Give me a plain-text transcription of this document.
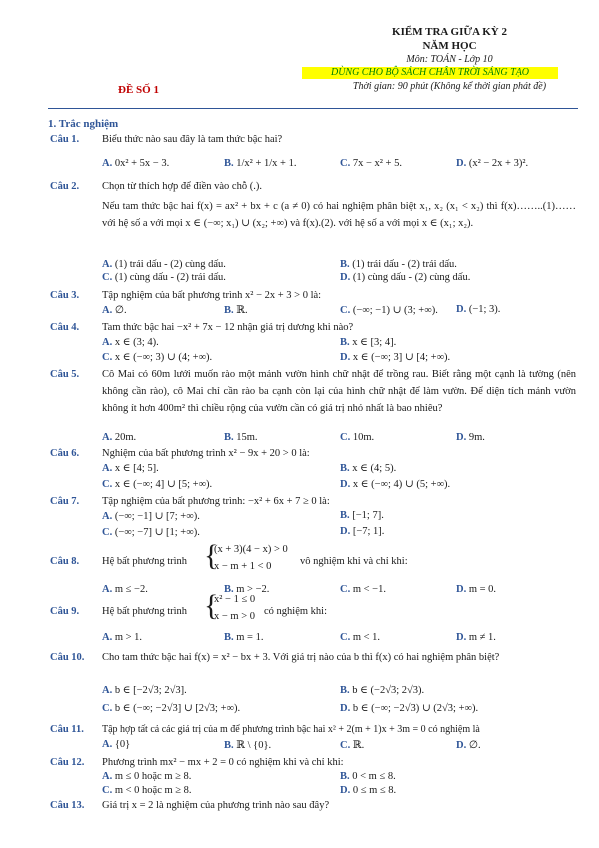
KIỂM TRA GIỮA KỲ 2
NĂM HỌC
Môn: TOÁN - Lớp 10
DÙNG CHO BỘ SÁCH CHÂN TRỜI SÁNG TẠO
Thời gian: 90 phút (Không kể thời gian phát đề)
ĐỀ SỐ 1
1. Trắc nghiệm
Câu 1. Biểu thức nào sau đây là tam thức bậc hai?
A. 0x² + 5x − 3.	B. 1/x² + 1/x + 1.	C. 7x − x² + 5.	D. (x² − 2x + 3)².
Câu 2. Chọn từ thích hợp để điền vào chỗ (.).
Nếu tam thức bậc hai f(x) = ax² + bx + c (a ≠ 0) có hai nghiệm phân biệt x₁, x₂ (x₁ < x₂) thì f(x)……..(1)…… với hệ số a với mọi x ∈ (−∞; x₁) ∪ (x₂; +∞) và f(x).(2). với hệ số a với mọi x ∈ (x₁; x₂).
A. (1) trái dấu - (2) cùng dấu.	B. (1) trái dấu - (2) trái dấu.
C. (1) cùng dấu - (2) trái dấu.	D. (1) cùng dấu - (2) cùng dấu.
Câu 3. Tập nghiệm của bất phương trình x² − 2x + 3 > 0 là:
A. ∅.	B. ℝ.	C. (−∞; −1) ∪ (3; +∞). D. (−1; 3).
Câu 4. Tam thức bậc hai −x² + 7x − 12 nhận giá trị dương khi nào?
A. x ∈ (3; 4).	B. x ∈ [3; 4].
C. x ∈ (−∞; 3) ∪ (4; +∞).	D. x ∈ (−∞; 3] ∪ [4; +∞).
Câu 5. Cô Mai có 60m lưới muốn rào một mảnh vườn hình chữ nhật để trồng rau. Biết rằng một cạnh là tường (nên không cần rào), cô Mai chỉ cần rào ba cạnh còn lại của hình chữ nhật để làm vườn. Để diện tích mảnh vườn không ít hơn 400m² thì chiều rộng của vườn cần có giá trị nhỏ nhất là bao nhiêu?
A. 20m.	B. 15m.	C. 10m.	D. 9m.
Câu 6. Nghiệm của bất phương trình x² − 9x + 20 > 0 là:
A. x ∈ [4; 5].	B. x ∈ (4; 5).
C. x ∈ (−∞; 4] ∪ [5; +∞).	D. x ∈ (−∞; 4) ∪ (5; +∞).
Câu 7. Tập nghiệm của bất phương trình: −x² + 6x + 7 ≥ 0 là:
A. (−∞; −1] ∪ [7; +∞).	B. [−1; 7].
C. (−∞; −7] ∪ [1; +∞).	D. [−7; 1].
Câu 8. Hệ bất phương trình {
(x + 3)(4 − x) > 0
x − m + 1 < 0	vô nghiệm khi và chỉ khi:
A. m ≤ −2.	B. m > −2.	C. m < −1.	D. m = 0.
Câu 9. Hệ bất phương trình {
x² − 1 ≤ 0
x − m > 0 có nghiệm khi:
A. m > 1.	B. m = 1.	C. m < 1.	D. m ≠ 1.
Câu 10. Cho tam thức bậc hai f(x) = x² − bx + 3. Với giá trị nào của b thì f(x) có hai nghiệm phân biệt?
A. b ∈ [−2√3; 2√3].	B. b ∈ (−2√3; 2√3).
C. b ∈ (−∞; −2√3] ∪ [2√3; +∞).	D. b ∈ (−∞; −2√3) ∪ (2√3; +∞).
Câu 11. Tập hợp tất cả các giá trị của m để phương trình bậc hai x² + 2(m + 1)x + 3m = 0 có nghiệm là
A. {0}	B. ℝ \ {0}.	C. ℝ.	D. ∅.
Câu 12. Phương trình mx² − mx + 2 = 0 có nghiệm khi và chỉ khi:
A. m ≤ 0 hoặc m ≥ 8.	B. 0 < m ≤ 8.
C. m < 0 hoặc m ≥ 8.	D. 0 ≤ m ≤ 8.
Câu 13. Giá trị x = 2 là nghiệm của phương trình nào sau đây?
